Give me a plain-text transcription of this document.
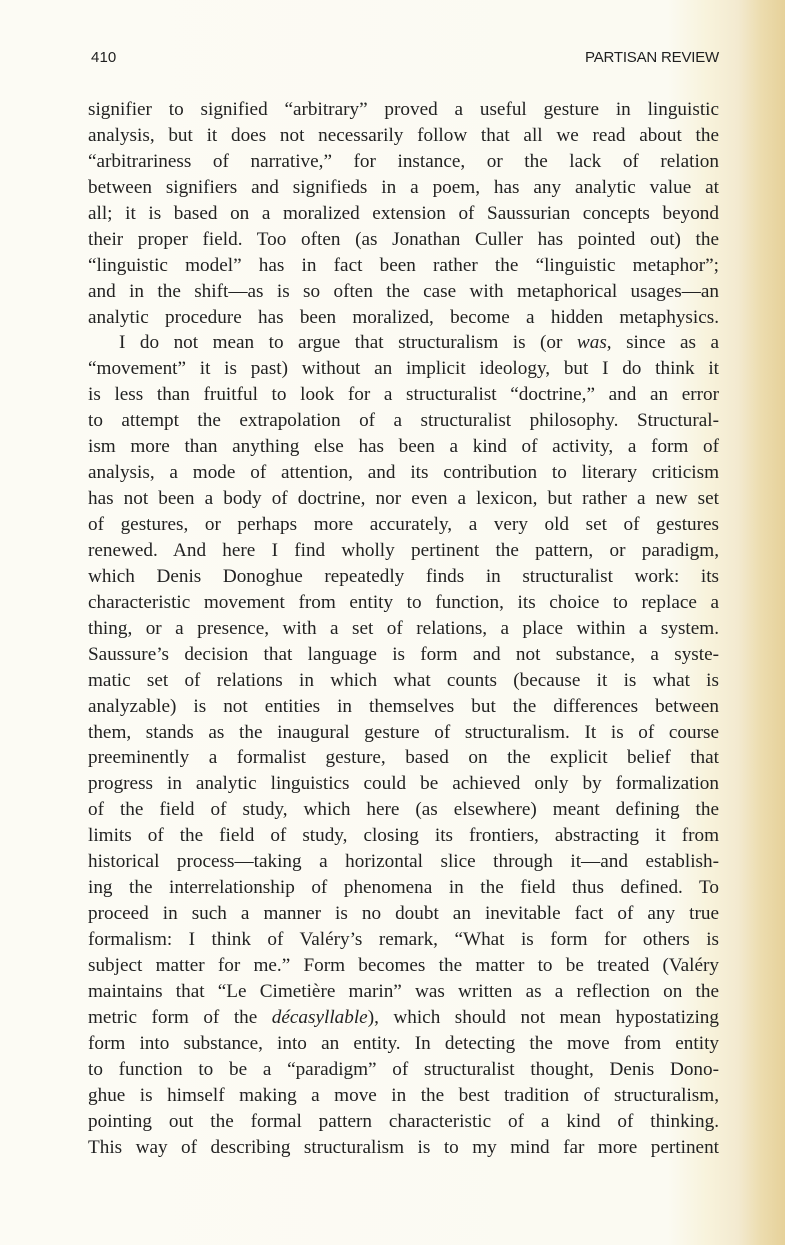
410	PARTISAN REVIEW
signifier to signified “arbitrary” proved a useful gesture in linguistic
analysis, but it does not necessarily follow that all we read about the
“arbitrariness of narrative,” for instance, or the lack of relation
between signifiers and signifieds in a poem, has any analytic value at
all; it is based on a moralized extension of Saussurian concepts beyond
their proper field. Too often (as Jonathan Culler has pointed out) the
“linguistic model” has in fact been rather the “linguistic metaphor”;
and in the shift—as is so often the case with metaphorical usages—an
analytic procedure has been moralized, become a hidden metaphysics.
I do not mean to argue that structuralism is (or was, since as a
“movement” it is past) without an implicit ideology, but I do think it
is less than fruitful to look for a structuralist “doctrine,” and an error
to attempt the extrapolation of a structuralist philosophy. Structural-
ism more than anything else has been a kind of activity, a form of
analysis, a mode of attention, and its contribution to literary criticism
has not been a body of doctrine, nor even a lexicon, but rather a new set
of gestures, or perhaps more accurately, a very old set of gestures
renewed. And here I find wholly pertinent the pattern, or paradigm,
which Denis Donoghue repeatedly finds in structuralist work: its
characteristic movement from entity to function, its choice to replace a
thing, or a presence, with a set of relations, a place within a system.
Saussure’s decision that language is form and not substance, a syste-
matic set of relations in which what counts (because it is what is
analyzable) is not entities in themselves but the differences between
them, stands as the inaugural gesture of structuralism. It is of course
preeminently a formalist gesture, based on the explicit belief that
progress in analytic linguistics could be achieved only by formalization
of the field of study, which here (as elsewhere) meant defining the
limits of the field of study, closing its frontiers, abstracting it from
historical process—taking a horizontal slice through it—and establish-
ing the interrelationship of phenomena in the field thus defined. To
proceed in such a manner is no doubt an inevitable fact of any true
formalism: I think of Valéry’s remark, “What is form for others is
subject matter for me.” Form becomes the matter to be treated (Valéry
maintains that “Le Cimetière marin” was written as a reflection on the
metric form of the décasyllable), which should not mean hypostatizing
form into substance, into an entity. In detecting the move from entity
to function to be a “paradigm” of structuralist thought, Denis Dono-
ghue is himself making a move in the best tradition of structuralism,
pointing out the formal pattern characteristic of a kind of thinking.
This way of describing structuralism is to my mind far more pertinent
